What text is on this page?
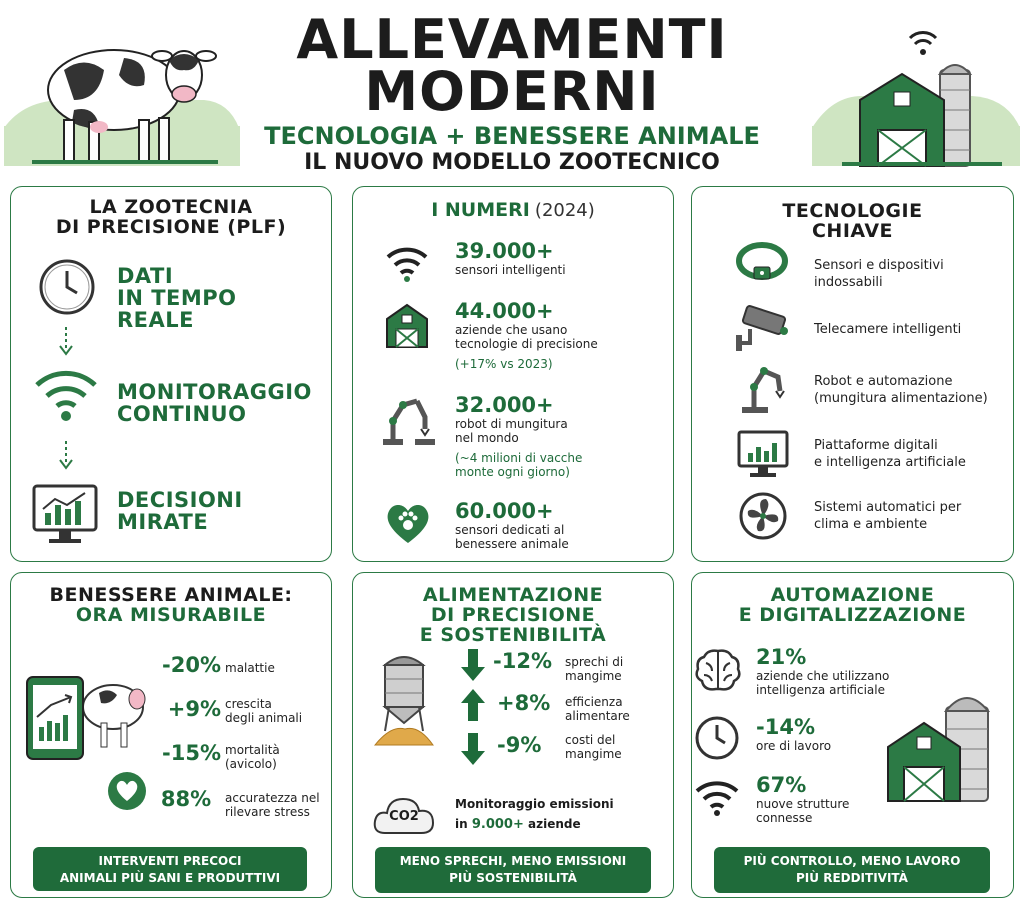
ALLEVAMENTI
MODERNI
TECNOLOGIA + BENESSERE ANIMALE
IL NUOVO MODELLO ZOOTECNICO
LA ZOOTECNIA
DI PRECISIONE (PLF)
DATI
IN TEMPO
REALE
MONITORAGGIO
CONTINUO
DECISIONI
MIRATE
I NUMERI (2024)
39.000+
sensori intelligenti
44.000+
aziende che usano
tecnologie di precisione
(+17% vs 2023)
32.000+
robot di mungitura
nel mondo
(~4 milioni di vacche
monte ogni giorno)
60.000+
sensori dedicati al
benessere animale
TECNOLOGIE
CHIAVE
Sensori e dispositivi
indossabili
Telecamere intelligenti
Robot e automazione
(mungitura alimentazione)
Piattaforme digitali
e intelligenza artificiale
Sistemi automatici per
clima e ambiente
BENESSERE ANIMALE:
ORA MISURABILE
-20% malattie
+9% crescita
degli animali
-15% mortalità
(avicolo)
88%	accuratezza nel
rilevare stress
INTERVENTI PRECOCI
ANIMALI PIÙ SANI E PRODUTTIVI
ALIMENTAZIONE
DI PRECISIONE
E SOSTENIBILITÀ
-12% sprechi di
mangime
+8% efficienza
alimentare
-9% costi del
mangime
CO2
Monitoraggio emissioni
in 9.000+ aziende
MENO SPRECHI, MENO EMISSIONI
PIÙ SOSTENIBILITÀ
AUTOMAZIONE
E DIGITALIZZAZIONE
21%
aziende che utilizzano
intelligenza artificiale
-14%
ore di lavoro
67%
nuove strutture
connesse
PIÙ CONTROLLO, MENO LAVORO
PIÙ REDDITIVITÀ
